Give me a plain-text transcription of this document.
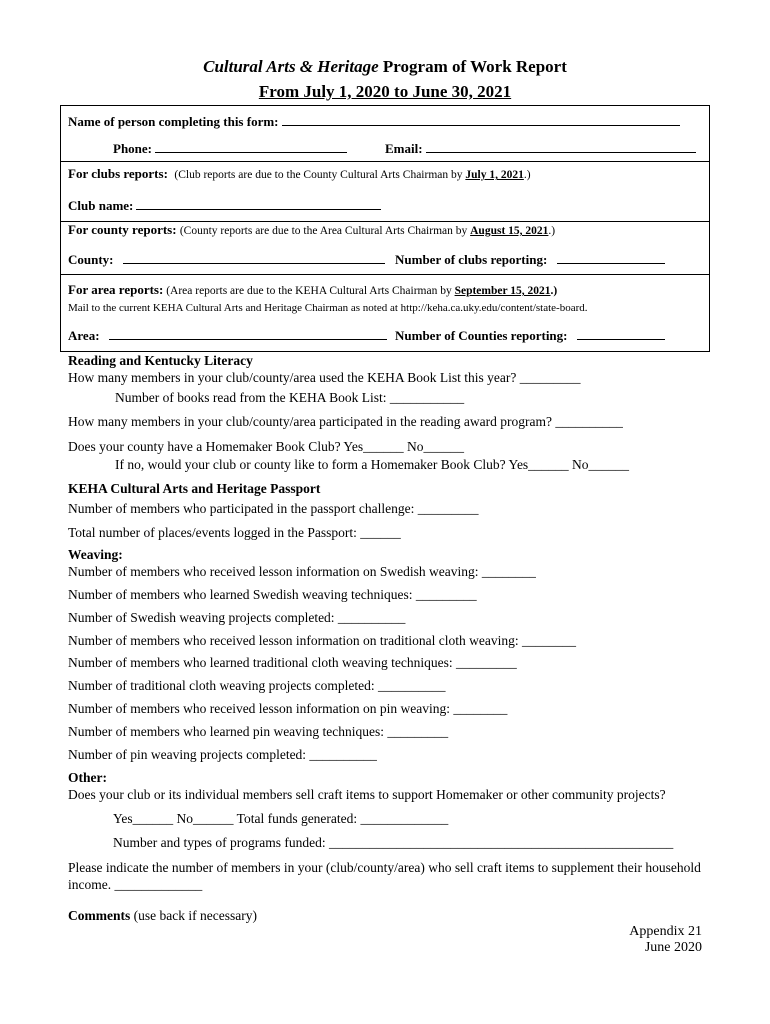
Cultural Arts & Heritage Program of Work Report
From July 1, 2020 to June 30, 2021
Name of person completing this form:
Phone:	Email:
For clubs reports: (Club reports are due to the County Cultural Arts Chairman by July 1, 2021.)
Club name:
For county reports: (County reports are due to the Area Cultural Arts Chairman by August 15, 2021.)
County:	Number of clubs reporting:
For area reports: (Area reports are due to the KEHA Cultural Arts Chairman by September 15, 2021.)
Mail to the current KEHA Cultural Arts and Heritage Chairman as noted at http://keha.ca.uky.edu/content/state-board.
Area:	Number of Counties reporting:
Reading and Kentucky Literacy
How many members in your club/county/area used the KEHA Book List this year? _________
Number of books read from the KEHA Book List: ___________
How many members in your club/county/area participated in the reading award program? __________
Does your county have a Homemaker Book Club? Yes______ No______
If no, would your club or county like to form a Homemaker Book Club? Yes______ No______
KEHA Cultural Arts and Heritage Passport
Number of members who participated in the passport challenge: _________
Total number of places/events logged in the Passport: ______
Weaving:
Number of members who received lesson information on Swedish weaving: ________
Number of members who learned Swedish weaving techniques: _________
Number of Swedish weaving projects completed: __________
Number of members who received lesson information on traditional cloth weaving: ________
Number of members who learned traditional cloth weaving techniques: _________
Number of traditional cloth weaving projects completed: __________
Number of members who received lesson information on pin weaving: ________
Number of members who learned pin weaving techniques: _________
Number of pin weaving projects completed: __________
Other:
Does your club or its individual members sell craft items to support Homemaker or other community projects?
Yes______ No______ Total funds generated: _____________
Number and types of programs funded: ___________________________________________________
Please indicate the number of members in your (club/county/area) who sell craft items to supplement their household
income. _____________
Comments (use back if necessary)
Appendix 21
June 2020
